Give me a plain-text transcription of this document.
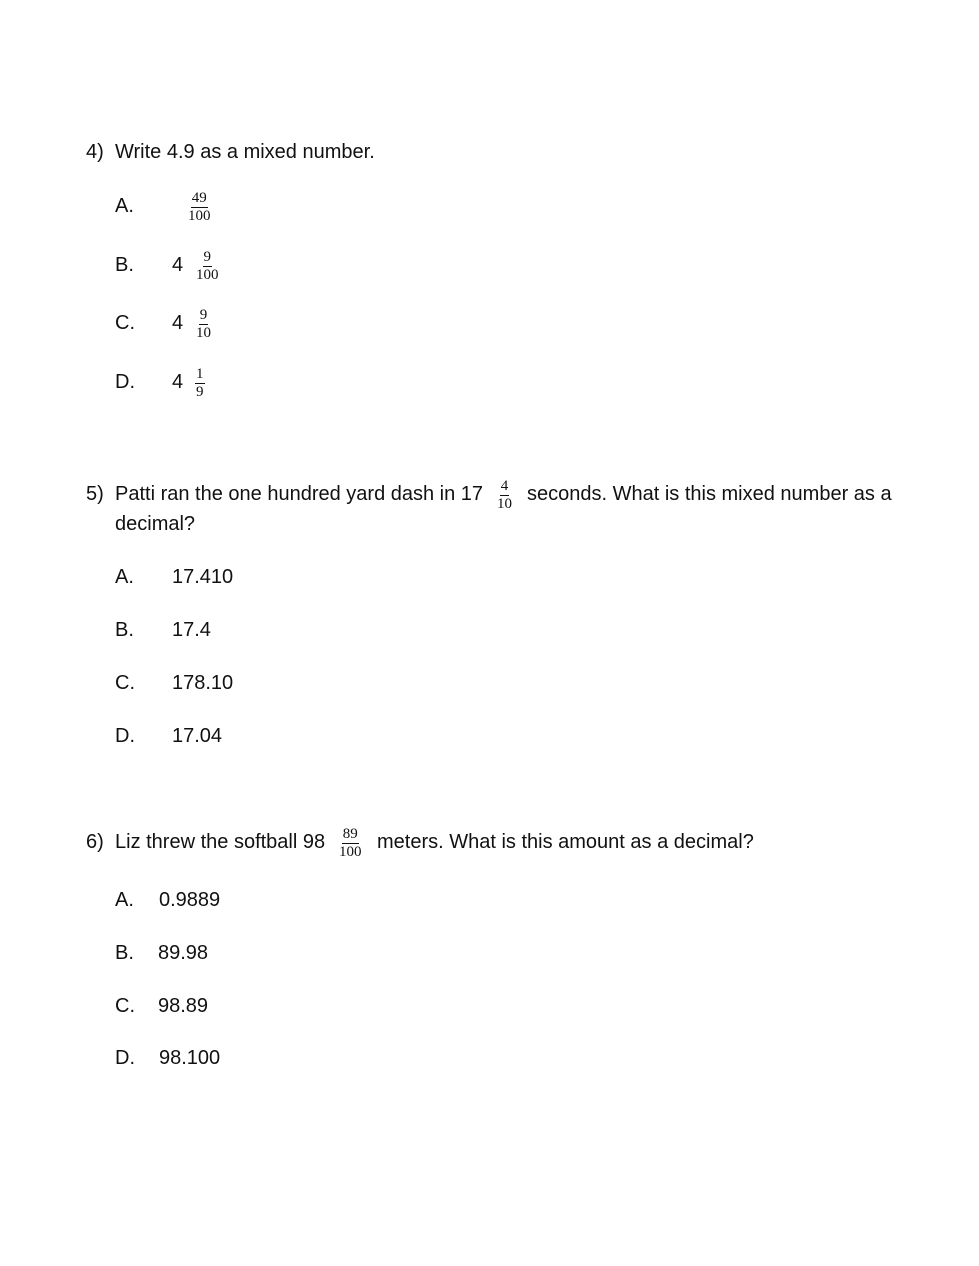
4) Write 4.9 as a mixed number.
A.	$\frac{49}{100}$
B. $4 \frac{9}{100}$
C. $4 \frac{9}{10}$
D. $4 \frac{1}{9}$
5) Patti ran the one hundred yard dash in $17 \frac{4}{10}$ seconds. What is this mixed number as a
decimal?
A. 17.410
B. 17.4
C. 178.10
D. 17.04
6) Liz threw the softball $98 \frac{89}{100}$ meters. What is this amount as a decimal?
A. 0.9889
B. 89.98
C. 98.89
D. 98.100
